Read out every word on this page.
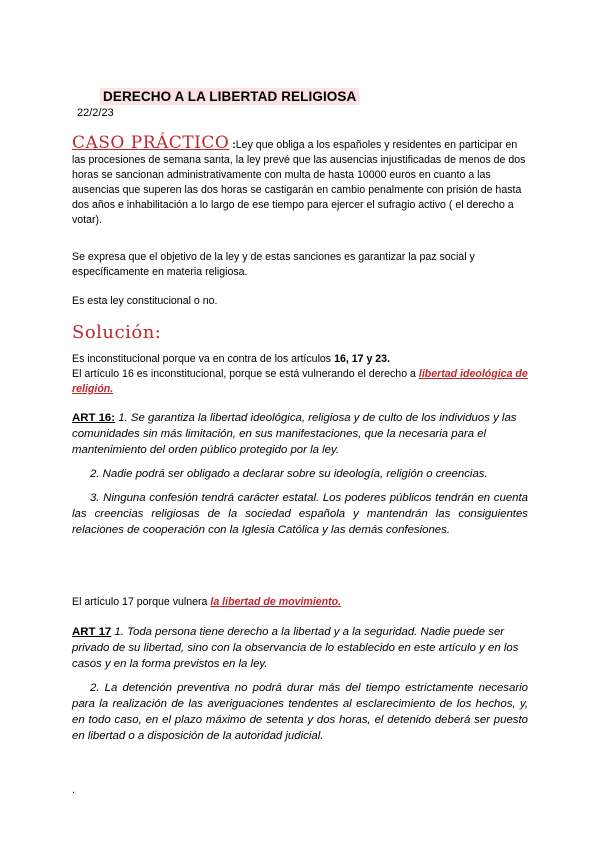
DERECHO A LA LIBERTAD RELIGIOSA
22/2/23
CASO PRÁCTICO :Ley que obliga a los españoles y residentes en participar en las procesiones de semana santa, la ley prevé que las ausencias injustificadas de menos de dos horas se sancionan administrativamente con multa de hasta 10000 euros en cuanto a las ausencias que superen las dos horas se castigarán en cambio penalmente con prisión de hasta dos años e inhabilitación a lo largo de ese tiempo para ejercer el sufragio activo ( el derecho a votar).
Se expresa que el objetivo de la ley y de estas sanciones es garantizar la paz social y específicamente en materia religiosa.
Es esta ley constitucional o no.
Solución:
Es inconstitucional porque va en contra de los artículos 16, 17 y 23.
El artículo 16 es inconstitucional, porque se está vulnerando el derecho a libertad ideológica de religión.
ART 16: 1. Se garantiza la libertad ideológica, religiosa y de culto de los individuos y las comunidades sin más limitación, en sus manifestaciones, que la necesaria para el mantenimiento del orden público protegido por la ley.
2. Nadie podrá ser obligado a declarar sobre su ideología, religión o creencias.
3. Ninguna confesión tendrá carácter estatal. Los poderes públicos tendrán en cuenta las creencias religiosas de la sociedad española y mantendrán las consiguientes relaciones de cooperación con la Iglesia Católica y las demás confesiones.
El artículo 17 porque vulnera la libertad de movimiento.
ART 17 1. Toda persona tiene derecho a la libertad y a la seguridad. Nadie puede ser privado de su libertad, sino con la observancia de lo establecido en este artículo y en los casos y en la forma previstos en la ley.
2. La detención preventiva no podrá durar más del tiempo estrictamente necesario para la realización de las averiguaciones tendentes al esclarecimiento de los hechos, y, en todo caso, en el plazo máximo de setenta y dos horas, el detenido deberá ser puesto en libertad o a disposición de la autoridad judicial.
.
